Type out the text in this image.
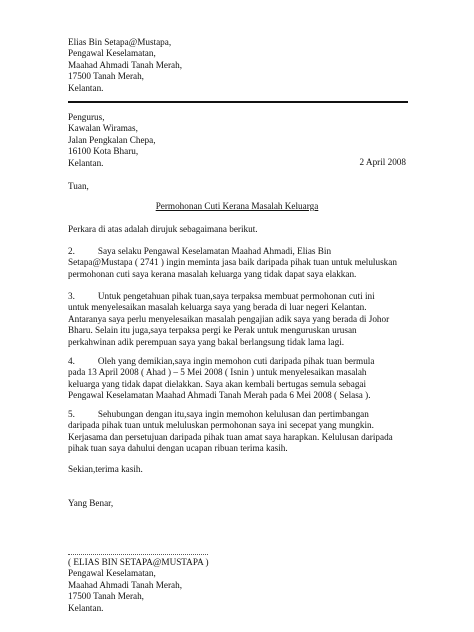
Elias Bin Setapa@Mustapa,
Pengawal Keselamatan,
Maahad Ahmadi Tanah Merah,
17500 Tanah Merah,
Kelantan.
Pengurus,
Kawalan Wiramas,
Jalan Pengkalan Chepa,
16100 Kota Bharu,
Kelantan.	2 April 2008
Tuan,
Permohonan Cuti Kerana Masalah Keluarga
Perkara di atas adalah dirujuk sebagaimana berikut.
2.          Saya selaku Pengawal Keselamatan Maahad Ahmadi, Elias Bin
Setapa@Mustapa ( 2741 ) ingin meminta jasa baik daripada pihak tuan untuk meluluskan
permohonan cuti saya kerana masalah keluarga yang tidak dapat saya elakkan.
3.          Untuk pengetahuan pihak tuan,saya terpaksa membuat permohonan cuti ini
untuk menyelesaikan masalah keluarga saya yang berada di luar negeri Kelantan.
Antaranya saya perlu menyelesaikan masalah pengajian adik saya yang berada di Johor
Bharu. Selain itu juga,saya terpaksa pergi ke Perak untuk menguruskan urusan
perkahwinan adik perempuan saya yang bakal berlangsung tidak lama lagi.
4.          Oleh yang demikian,saya ingin memohon cuti daripada pihak tuan bermula
pada 13 April 2008 ( Ahad ) – 5 Mei 2008 ( Isnin ) untuk menyelesaikan masalah
keluarga yang tidak dapat dielakkan. Saya akan kembali bertugas semula sebagai
Pengawal Keselamatan Maahad Ahmadi Tanah Merah pada 6 Mei 2008 ( Selasa ).
5.          Sehubungan dengan itu,saya ingin memohon kelulusan dan pertimbangan
daripada pihak tuan untuk meluluskan permohonan saya ini secepat yang mungkin.
Kerjasama dan persetujuan daripada pihak tuan amat saya harapkan. Kelulusan daripada
pihak tuan saya dahului dengan ucapan ribuan terima kasih.
Sekian,terima kasih.
Yang Benar,
( ELIAS BIN SETAPA@MUSTAPA )
Pengawal Keselamatan,
Maahad Ahmadi Tanah Merah,
17500 Tanah Merah,
Kelantan.
